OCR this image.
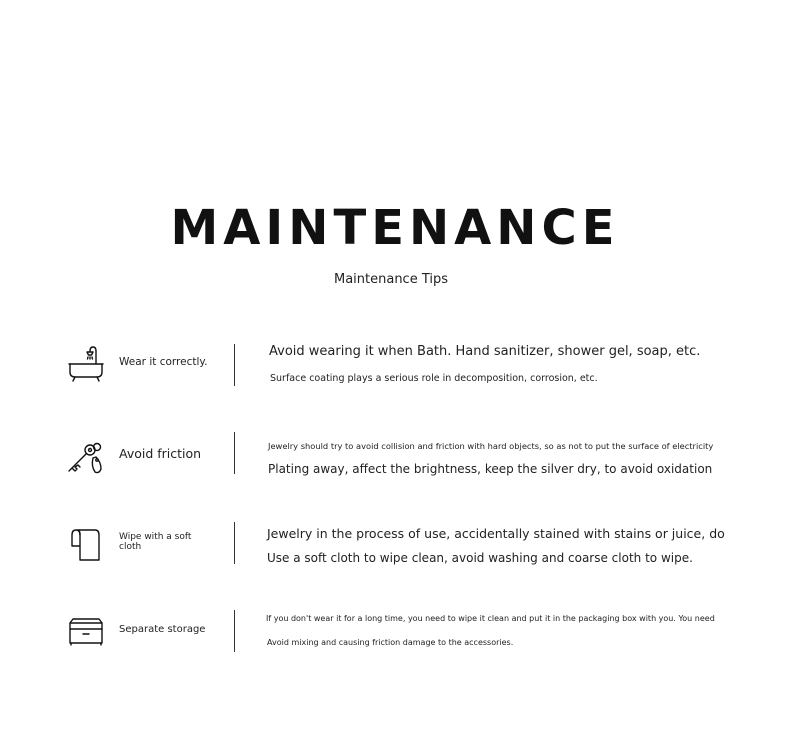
MAINTENANCE
Maintenance Tips
Wear it correctly.
Avoid wearing it when Bath. Hand sanitizer, shower gel, soap, etc.
Surface coating plays a serious role in decomposition, corrosion, etc.
Avoid friction	Jewelry should try to avoid collision and friction with hard objects, so as not to put the surface of electricity
Plating away, affect the brightness, keep the silver dry, to avoid oxidation
Wipe with a soft cloth
Jewelry in the process of use, accidentally stained with stains or juice, do
Use a soft cloth to wipe clean, avoid washing and coarse cloth to wipe.
Separate storage
If you don't wear it for a long time, you need to wipe it clean and put it in the packaging box with you. You need
Avoid mixing and causing friction damage to the accessories.
